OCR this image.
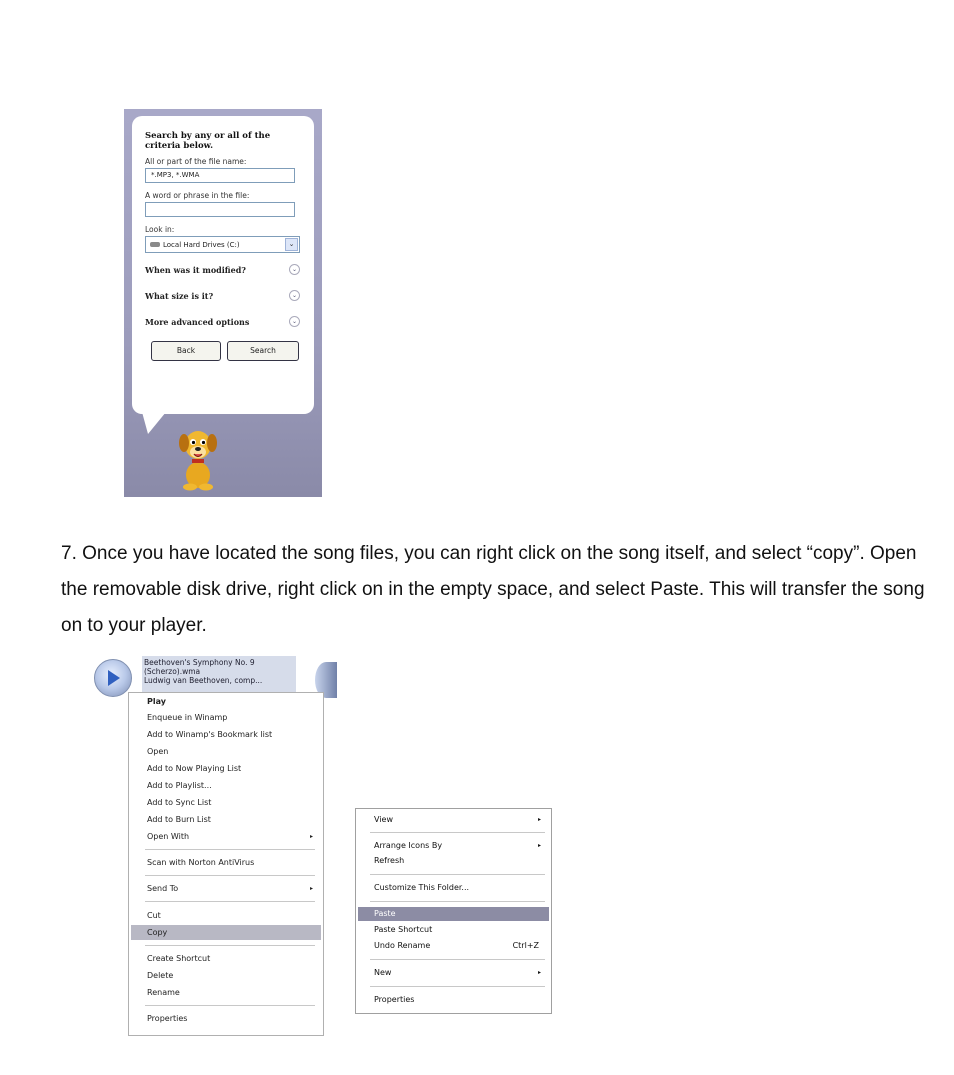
Search by any or all of the criteria below.
All or part of the file name:
*.MP3, *.WMA
A word or phrase in the file:
Look in:
Local Hard Drives (C:)	⌄
When was it modified?	⌄
What size is it?	⌄
More advanced options	⌄
Back	Search
7. Once you have located the song files, you can right click on the song itself, and select “copy”. Open the removable disk drive, right click on in the empty space, and select Paste. This will transfer the song on to your player.
Beethoven's Symphony No. 9
(Scherzo).wma
Ludwig van Beethoven, comp...
Play
Enqueue in Winamp
Add to Winamp's Bookmark list
Open
Add to Now Playing List
Add to Playlist...
Add to Sync List
Add to Burn List
Open With	▸
Scan with Norton AntiVirus
Send To	▸
Cut
Copy
Create Shortcut
Delete
Rename
Properties
View	▸
Arrange Icons By	▸
Refresh
Customize This Folder...
Paste
Paste Shortcut
Undo Rename	Ctrl+Z
New	▸
Properties
